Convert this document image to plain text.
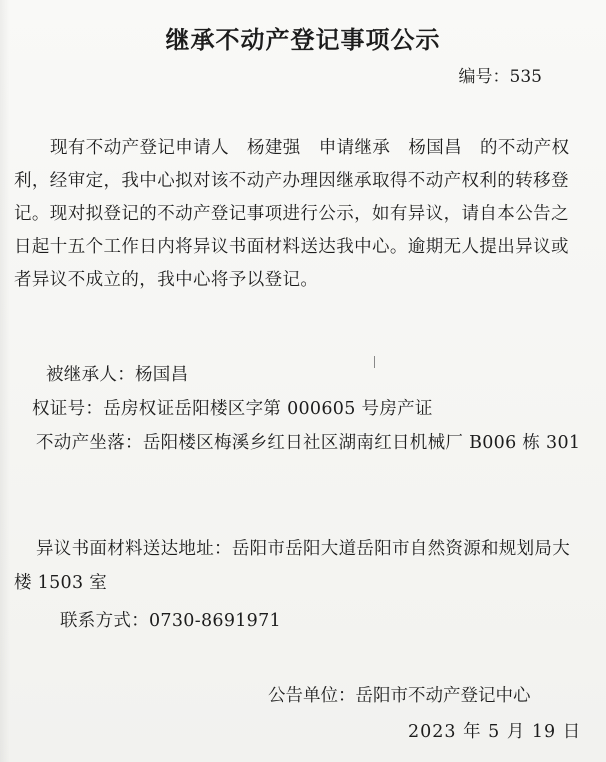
继承不动产登记事项公示
编号：535

现有不动产登记申请人 杨建强 申请继承 杨国昌 的不动产权利，经审定，我中心拟对该不动产办理因继承取得不动产权利的转移登记。现对拟登记的不动产登记事项进行公示，如有异议，请自本公告之日起十五个工作日内将异议书面材料送达我中心。逾期无人提出异议或者异议不成立的，我中心将予以登记。

被继承人：杨国昌
权证号：岳房权证岳阳楼区字第 000605 号房产证
不动产坐落：岳阳楼区梅溪乡红日社区湖南红日机械厂 B006 栋 301
异议书面材料送达地址：岳阳市岳阳大道岳阳市自然资源和规划局大楼 1503 室
联系方式：0730-8691971
公告单位：岳阳市不动产登记中心
2023 年 5 月 19 日
